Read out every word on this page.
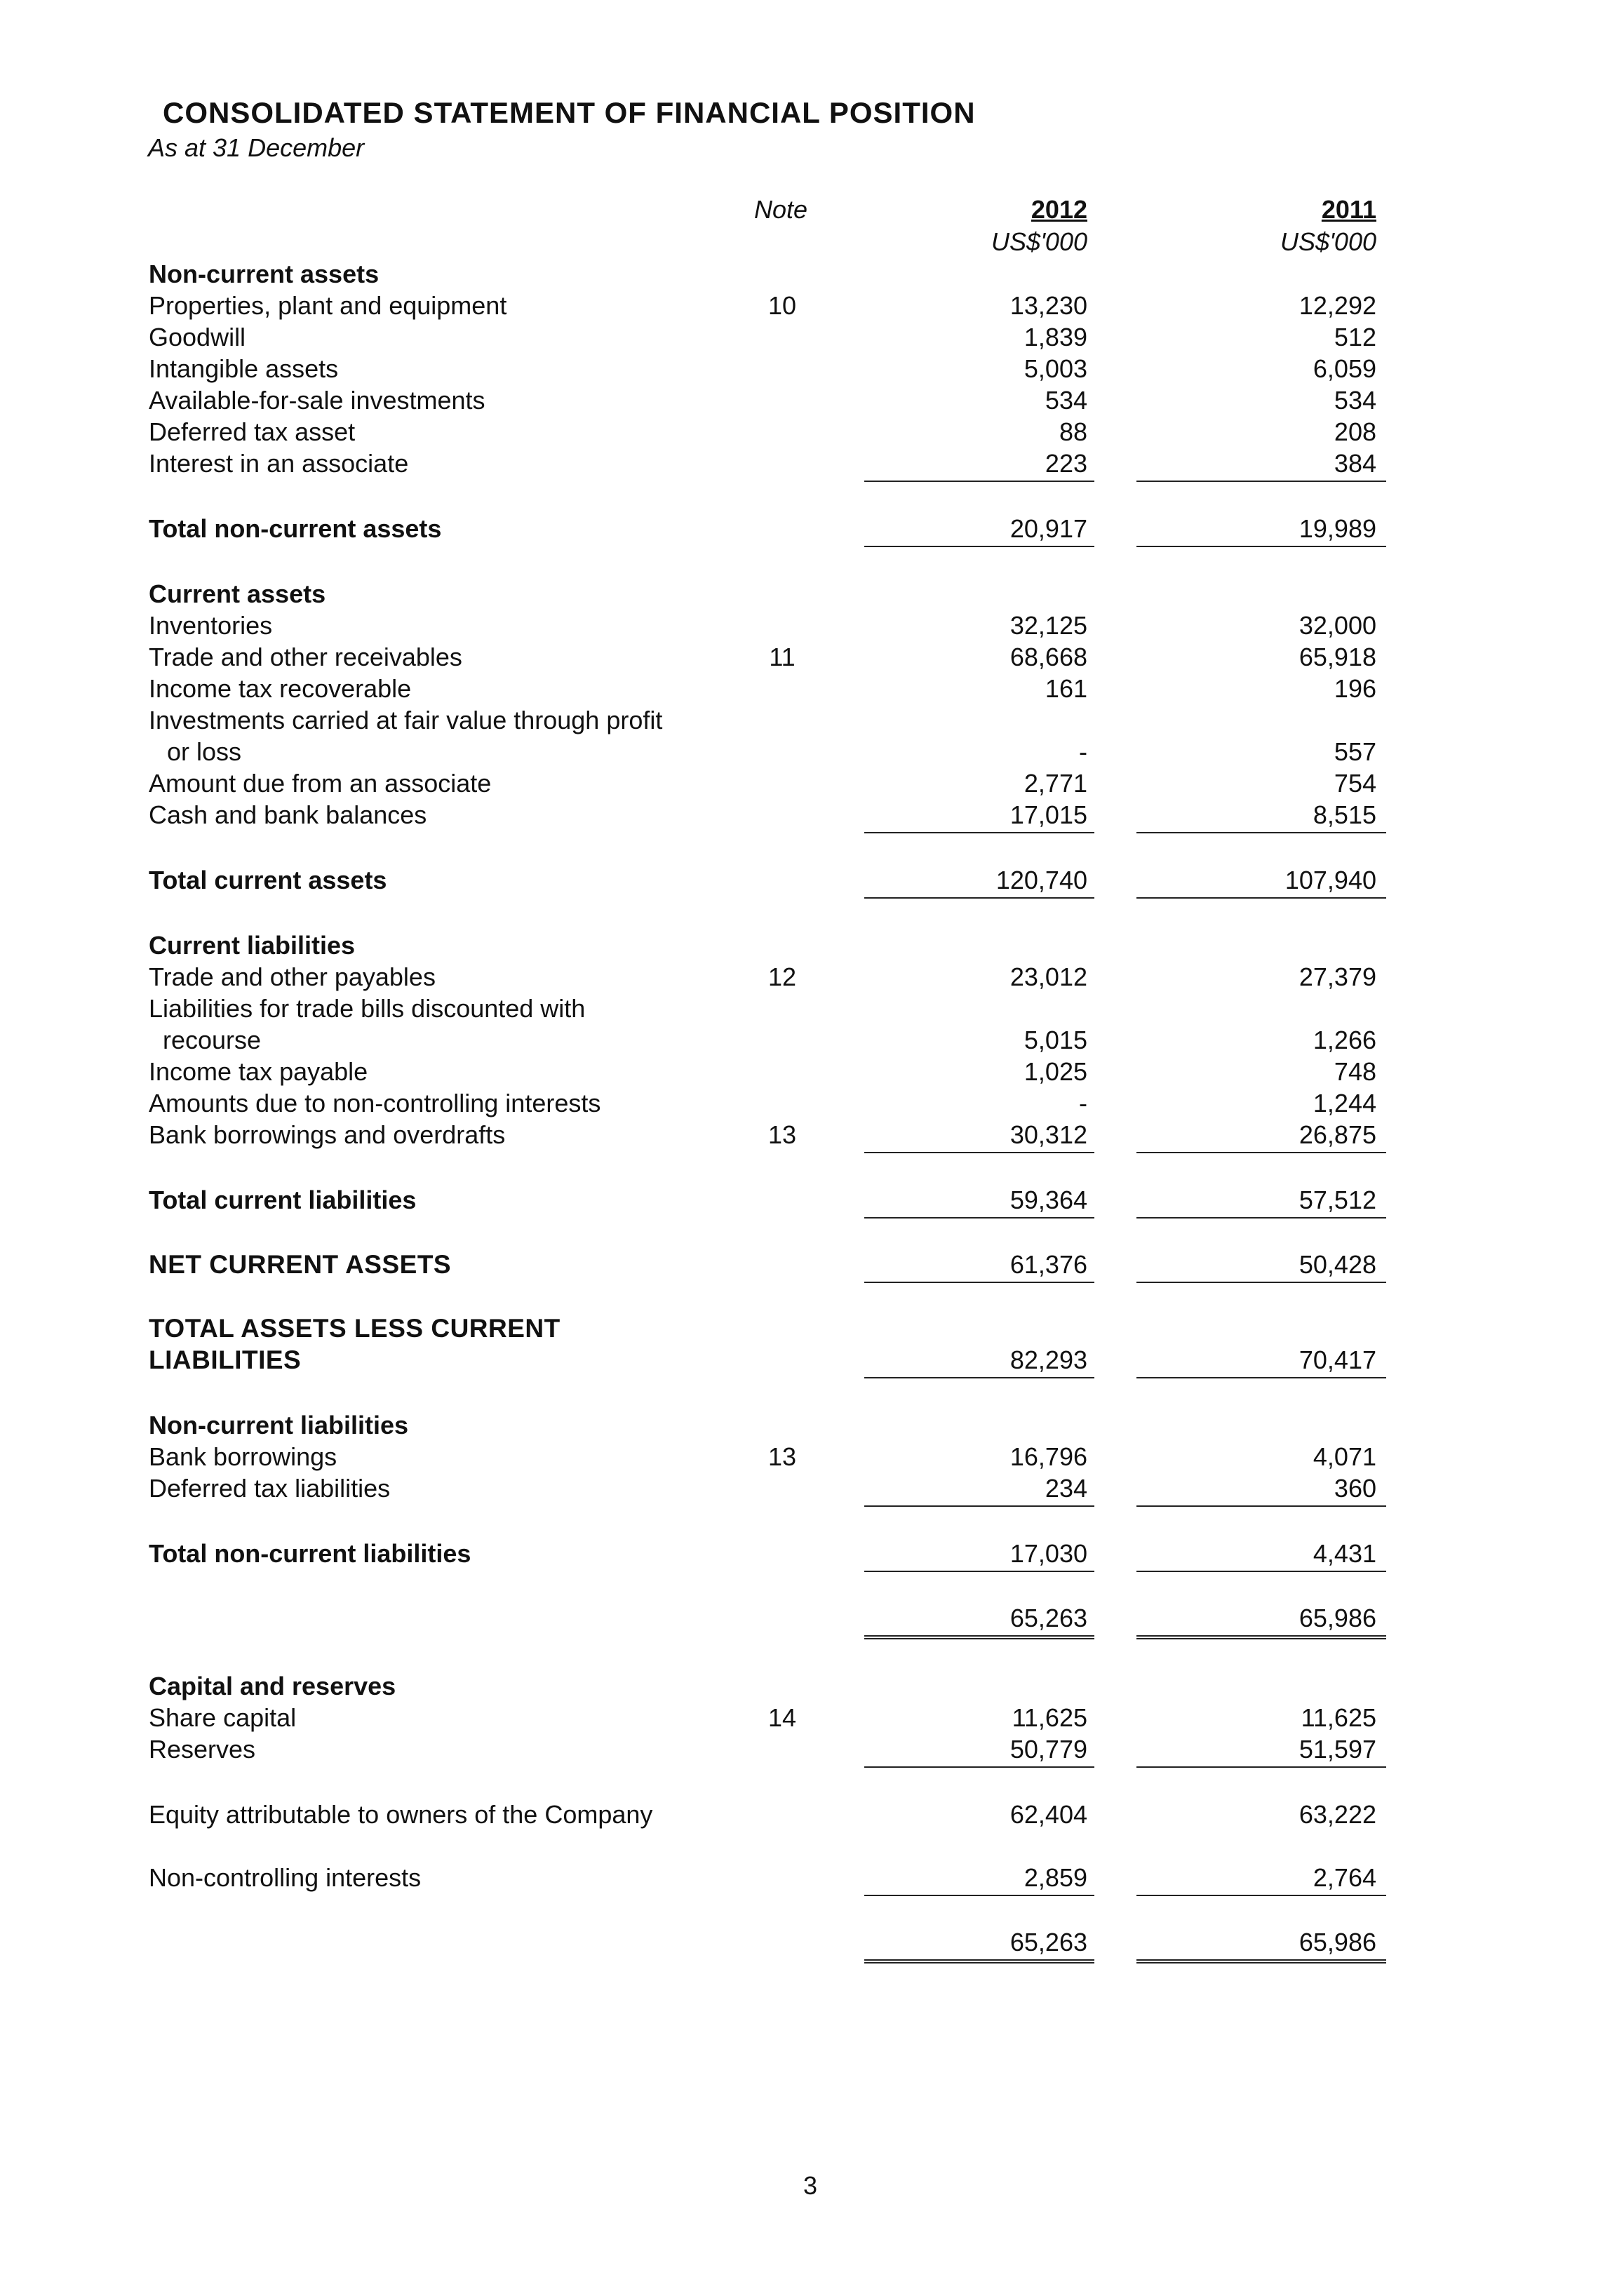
CONSOLIDATED STATEMENT OF FINANCIAL POSITION
As at 31 December
Note	2012	2011
US$'000	US$'000
Non-current assets
Properties, plant and equipment	10	13,230	12,292
Goodwill	1,839	512
Intangible assets	5,003	6,059
Available-for-sale investments	534	534
Deferred tax asset	88	208
Interest in an associate	223	384
Total non-current assets	20,917	19,989
Current assets
Inventories	32,125	32,000
Trade and other receivables	11	68,668	65,918
Income tax recoverable	161	196
Investments carried at fair value through profit
or loss	-	557
Amount due from an associate	2,771	754
Cash and bank balances	17,015	8,515
Total current assets	120,740	107,940
Current liabilities
Trade and other payables	12	23,012	27,379
Liabilities for trade bills discounted with
recourse	5,015	1,266
Income tax payable	1,025	748
Amounts due to non-controlling interests	-	1,244
Bank borrowings and overdrafts	13	30,312	26,875
Total current liabilities	59,364	57,512
NET CURRENT ASSETS	61,376	50,428
TOTAL ASSETS LESS CURRENT
LIABILITIES	82,293	70,417
Non-current liabilities
Bank borrowings	13	16,796	4,071
Deferred tax liabilities	234	360
Total non-current liabilities	17,030	4,431
65,263	65,986
Capital and reserves
Share capital	14	11,625	11,625
Reserves	50,779	51,597
Equity attributable to owners of the Company	62,404	63,222
Non-controlling interests	2,859	2,764
65,263	65,986
3
